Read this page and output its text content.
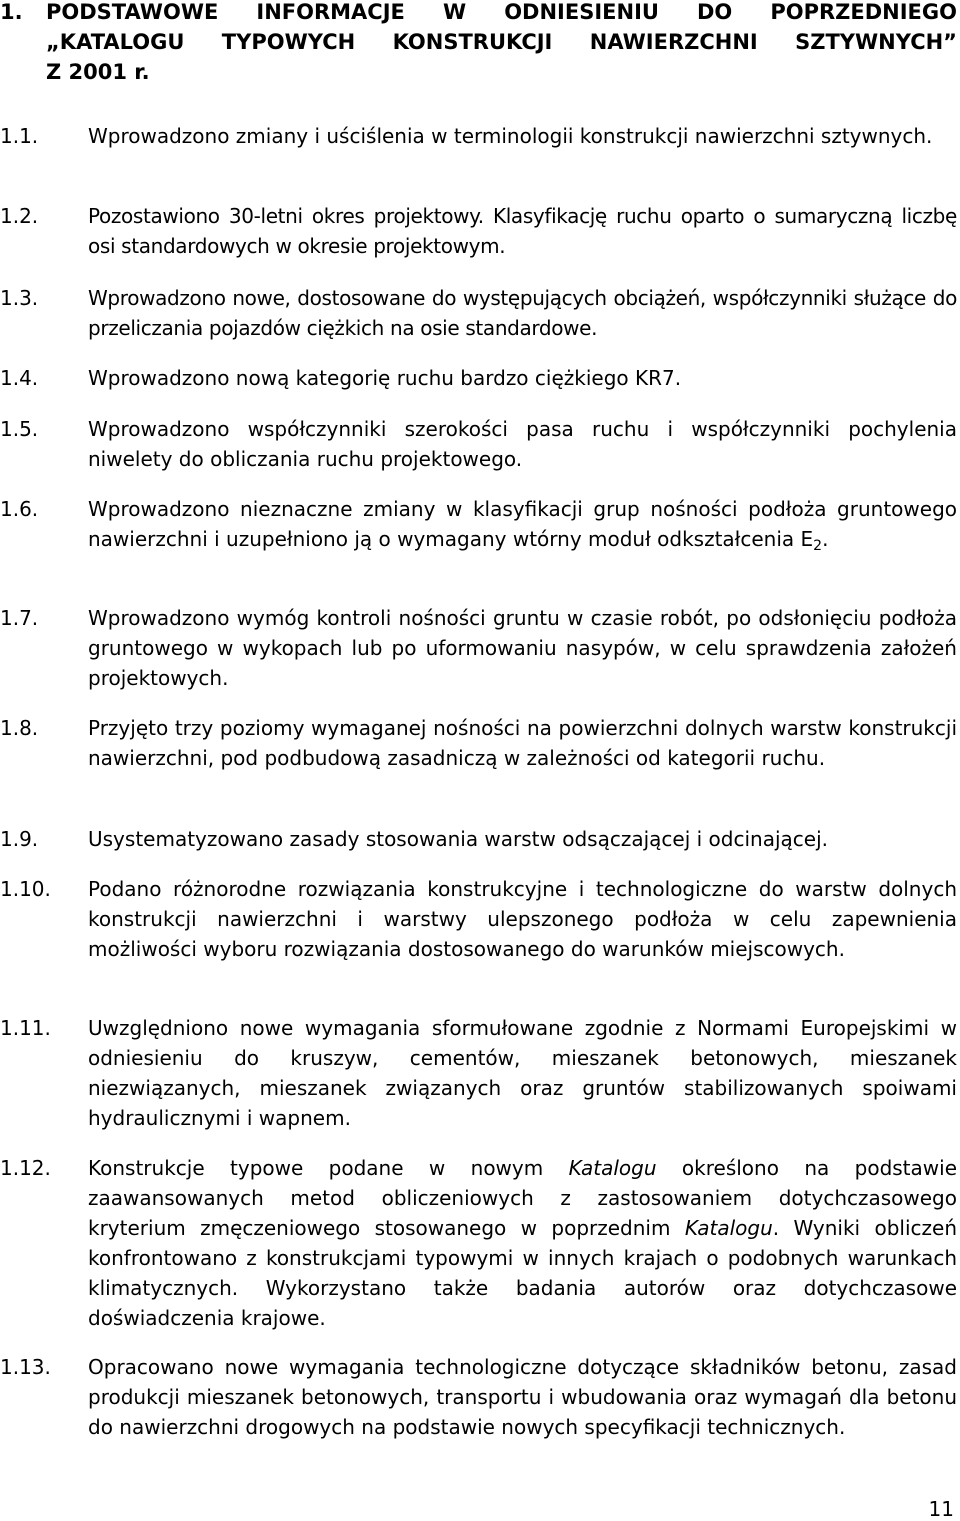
1. PODSTAWOWE INFORMACJE W ODNIESIENIU DO POPRZEDNIEGO
„KATALOGU TYPOWYCH KONSTRUKCJI NAWIERZCHNI SZTYWNYCH”
Z 2001 r.
1.1. Wprowadzono zmiany i uściślenia w terminologii konstrukcji nawierzchni sztywnych.
1.2. Pozostawiono 30-letni okres projektowy. Klasyfikację ruchu oparto o sumaryczną liczbę osi standardowych w okresie projektowym.
1.3. Wprowadzono nowe, dostosowane do występujących obciążeń, współczynniki służące do przeliczania pojazdów ciężkich na osie standardowe.
1.4. Wprowadzono nową kategorię ruchu bardzo ciężkiego KR7.
1.5. Wprowadzono współczynniki szerokości pasa ruchu i współczynniki pochylenia niwelety do obliczania ruchu projektowego.
1.6. Wprowadzono nieznaczne zmiany w klasyfikacji grup nośności podłoża gruntowego nawierzchni i uzupełniono ją o wymagany wtórny moduł odkształcenia $E_2$.
1.7. Wprowadzono wymóg kontroli nośności gruntu w czasie robót, po odsłonięciu podłoża gruntowego w wykopach lub po uformowaniu nasypów, w celu sprawdzenia założeń projektowych.
1.8. Przyjęto trzy poziomy wymaganej nośności na powierzchni dolnych warstw konstrukcji nawierzchni, pod podbudową zasadniczą w zależności od kategorii ruchu.
1.9. Usystematyzowano zasady stosowania warstw odsączającej i odcinającej.
1.10. Podano różnorodne rozwiązania konstrukcyjne i technologiczne do warstw dolnych konstrukcji nawierzchni i warstwy ulepszonego podłoża w celu zapewnienia możliwości wyboru rozwiązania dostosowanego do warunków miejscowych.
1.11. Uwzględniono nowe wymagania sformułowane zgodnie z Normami Europejskimi w odniesieniu do kruszyw, cementów, mieszanek betonowych, mieszanek niezwiązanych, mieszanek związanych oraz gruntów stabilizowanych spoiwami hydraulicznymi i wapnem.
1.12. Konstrukcje typowe podane w nowym Katalogu określono na podstawie zaawansowanych metod obliczeniowych z zastosowaniem dotychczasowego kryterium zmęczeniowego stosowanego w poprzednim Katalogu. Wyniki obliczeń konfrontowano z konstrukcjami typowymi w innych krajach o podobnych warunkach klimatycznych. Wykorzystano także badania autorów oraz dotychczasowe doświadczenia krajowe.
1.13. Opracowano nowe wymagania technologiczne dotyczące składników betonu, zasad produkcji mieszanek betonowych, transportu i wbudowania oraz wymagań dla betonu do nawierzchni drogowych na podstawie nowych specyfikacji technicznych.
11
